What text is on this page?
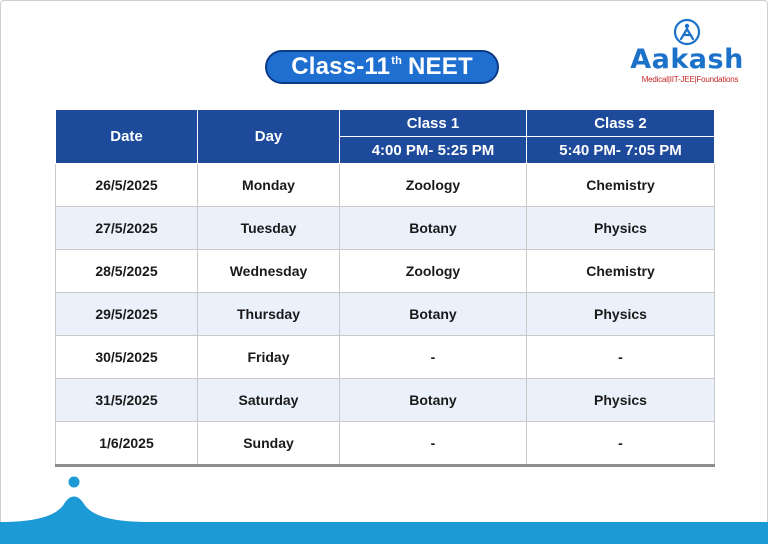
Class-11th NEET	Aakash
Medical|IIT-JEE|Foundations
Date	Day	Class 1	Class 2
		4:00 PM- 5:25 PM	5:40 PM- 7:05 PM
26/5/2025	Monday	Zoology	Chemistry
27/5/2025	Tuesday	Botany	Physics
28/5/2025	Wednesday	Zoology	Chemistry
29/5/2025	Thursday	Botany	Physics
30/5/2025	Friday	-	-
31/5/2025	Saturday	Botany	Physics
1/6/2025	Sunday	-	-
